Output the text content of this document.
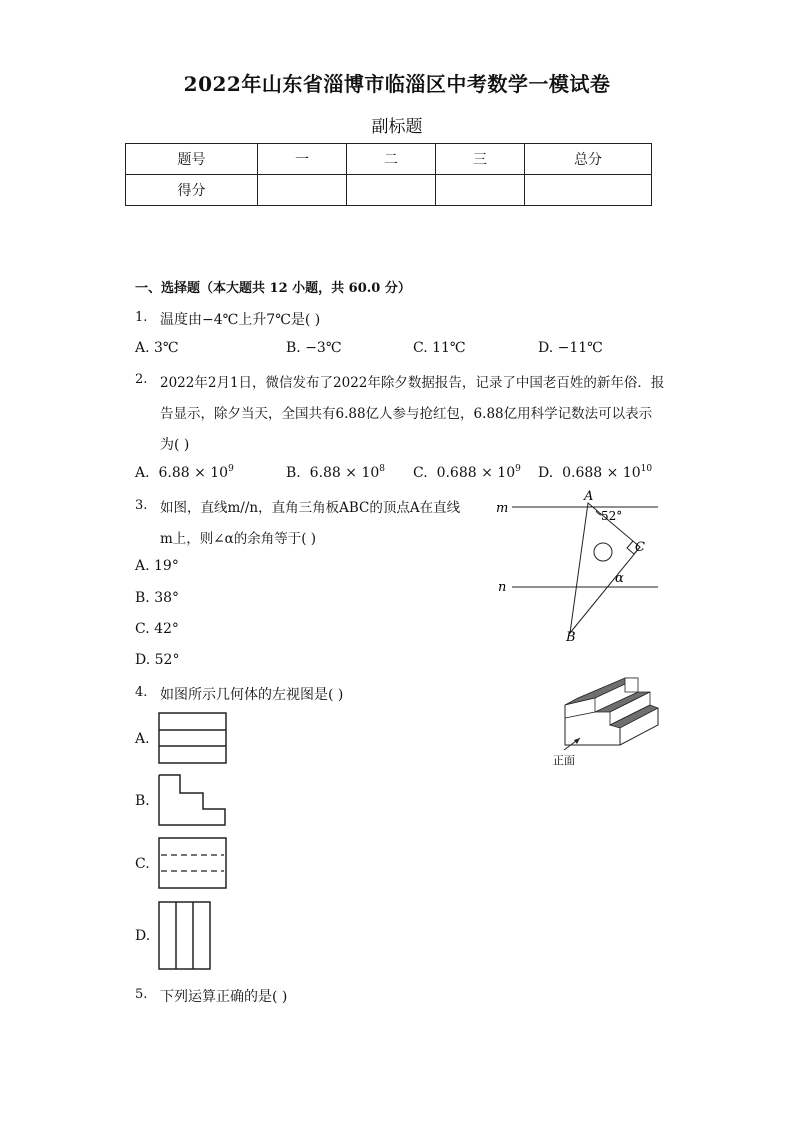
2022年山东省淄博市临淄区中考数学一模试卷
副标题
题号	一	二	三	总分
得分				
一、选择题（本大题共 12 小题，共 60.0 分）
1. 温度由−4℃上升7℃是( )
A. 3℃	B. −3℃	C. 11℃	D. −11℃
2. 2022年2月1日，微信发布了2022年除夕数据报告，记录了中国老百姓的新年俗．报
告显示，除夕当天，全国共有6.88亿人参与抢红包，6.88亿用科学记数法可以表示
为( )
A. $6.88 \times 10^9$	B. $6.88 \times 10^8$ C. $0.688 \times 10^9$ D. $0.688 \times 10^{10}$
3. 如图，直线m//n，直角三角板ABC的顶点A在直线
m上，则∠α的余角等于( )
A. 19°
B. 38°
C. 42°
D. 52°
m
n
A
B
C
52°
α
4. 如图所示几何体的左视图是( )
正面
A.
B.
C.
D.
5. 下列运算正确的是( )
